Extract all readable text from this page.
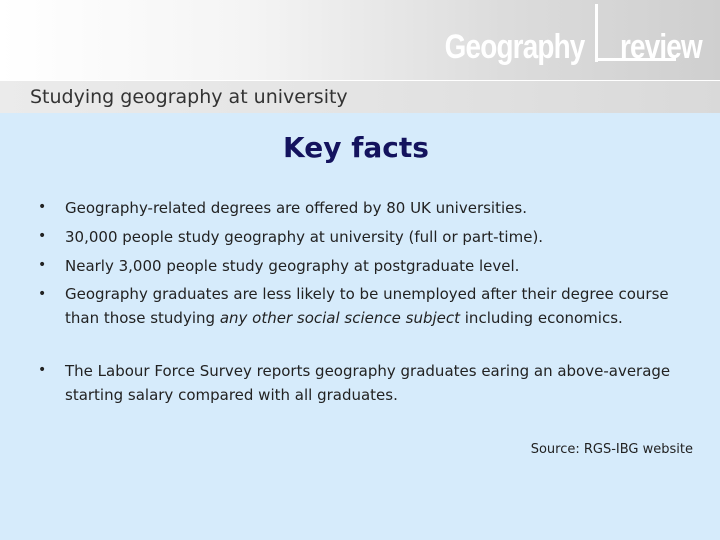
Geography review
Studying geography at university
Key facts
• Geography-related degrees are offered by 80 UK universities.
• 30,000 people study geography at university (full or part-time).
• Nearly 3,000 people study geography at postgraduate level.
• Geography graduates are less likely to be unemployed after their degree course than those studying any other social science subject including economics.
• The Labour Force Survey reports geography graduates earing an above-average starting salary compared with all graduates.
Source: RGS-IBG website
